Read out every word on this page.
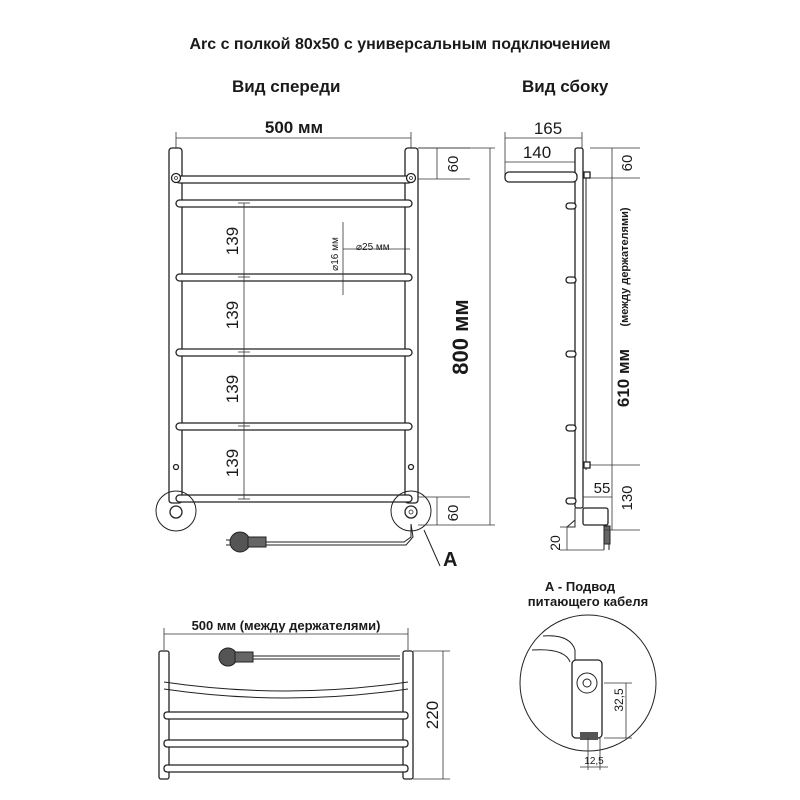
Arc с полкой 80х50 с универсальным подключением
Вид спереди	Вид сбоку
500 мм
A
60
800 мм
60
139
139
139
139
⌀16 мм ⌀25 мм
165
140
60
610 мм
(между держателями)
55 130
20
500 мм (между держателями)
220
А - Подвод
питающего кабеля
32,5
12,5
